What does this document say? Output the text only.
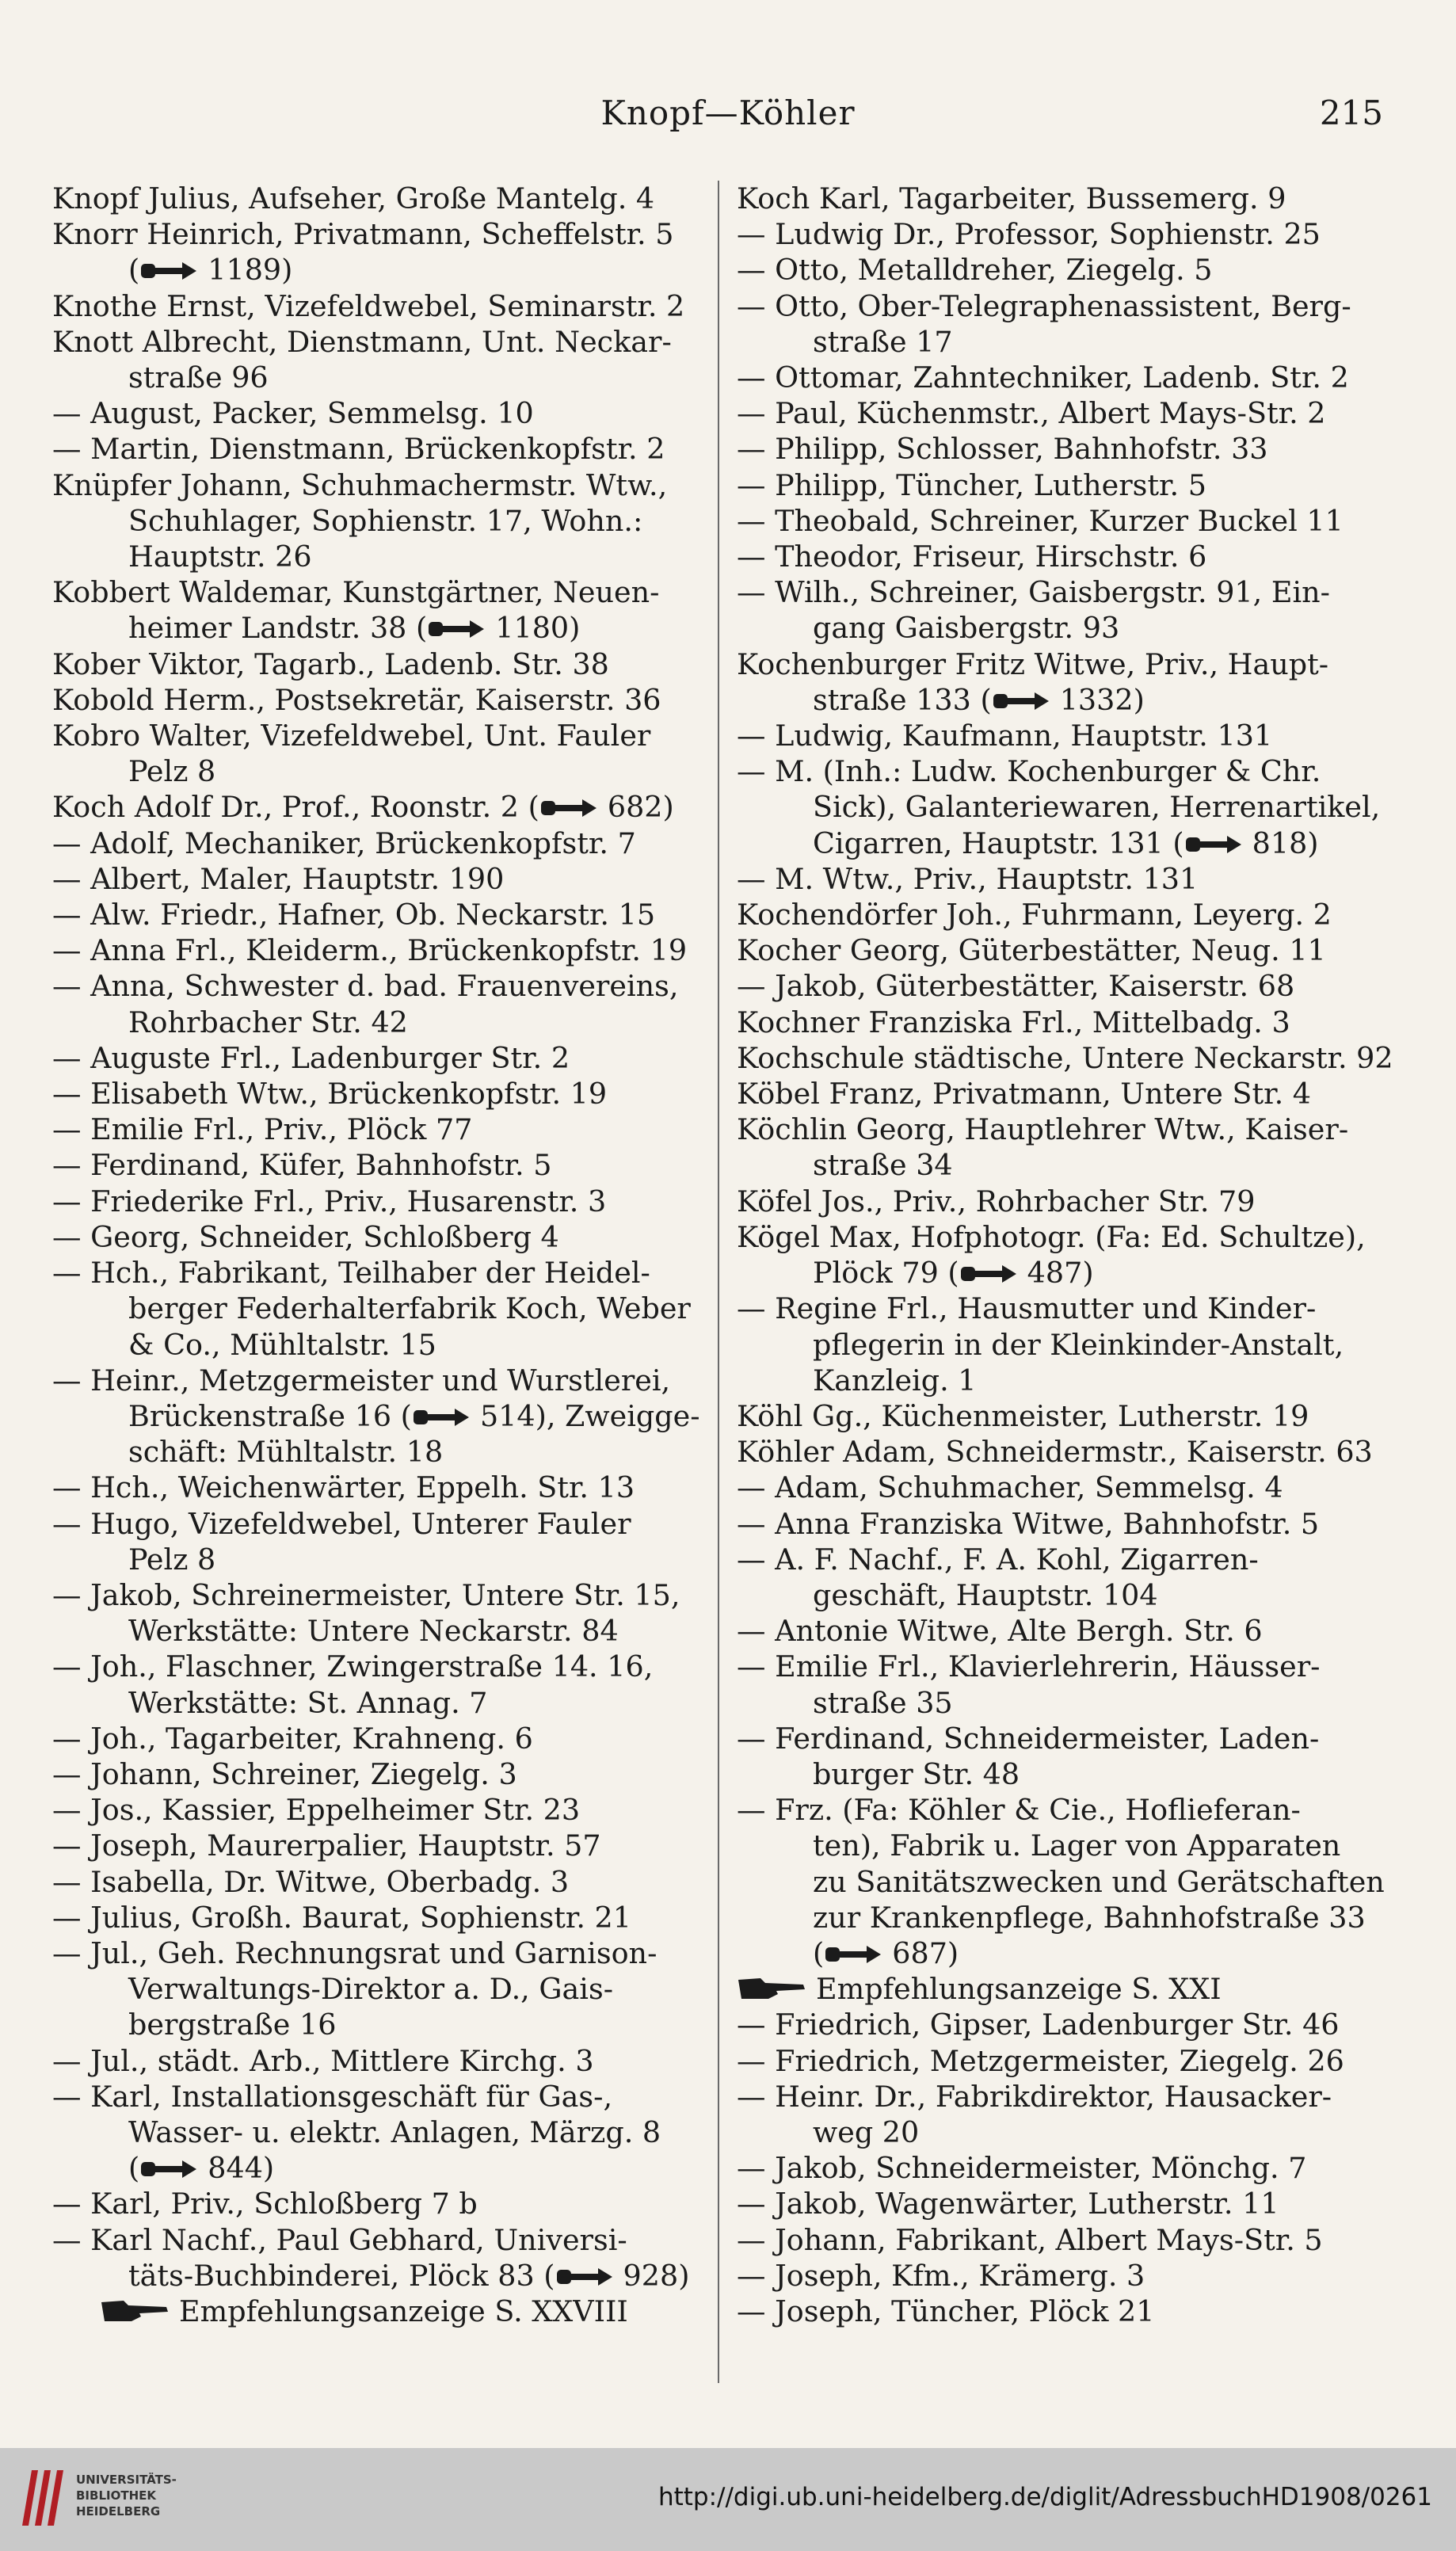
Knopf—Köhler	215
Knopf Julius, Aufseher, Große Mantelg. 4
Knorr Heinrich, Privatmann, Scheffelstr. 5
( 1189)
Knothe Ernst, Vizefeldwebel, Seminarstr. 2
Knott Albrecht, Dienstmann, Unt. Neckar-
straße 96
— August, Packer, Semmelsg. 10
— Martin, Dienstmann, Brückenkopfstr. 2
Knüpfer Johann, Schuhmachermstr. Wtw.,
Schuhlager, Sophienstr. 17, Wohn.:
Hauptstr. 26
Kobbert Waldemar, Kunstgärtner, Neuen-
heimer Landstr. 38 ( 1180)
Kober Viktor, Tagarb., Ladenb. Str. 38
Kobold Herm., Postsekretär, Kaiserstr. 36
Kobro Walter, Vizefeldwebel, Unt. Fauler
Pelz 8
Koch Adolf Dr., Prof., Roonstr. 2 ( 682)
— Adolf, Mechaniker, Brückenkopfstr. 7
— Albert, Maler, Hauptstr. 190
— Alw. Friedr., Hafner, Ob. Neckarstr. 15
— Anna Frl., Kleiderm., Brückenkopfstr. 19
— Anna, Schwester d. bad. Frauenvereins,
Rohrbacher Str. 42
— Auguste Frl., Ladenburger Str. 2
— Elisabeth Wtw., Brückenkopfstr. 19
— Emilie Frl., Priv., Plöck 77
— Ferdinand, Küfer, Bahnhofstr. 5
— Friederike Frl., Priv., Husarenstr. 3
— Georg, Schneider, Schloßberg 4
— Hch., Fabrikant, Teilhaber der Heidel-
berger Federhalterfabrik Koch, Weber
& Co., Mühltalstr. 15
— Heinr., Metzgermeister und Wurstlerei,
Brückenstraße 16 ( 514), Zweigge-
schäft: Mühltalstr. 18
— Hch., Weichenwärter, Eppelh. Str. 13
— Hugo, Vizefeldwebel, Unterer Fauler
Pelz 8
— Jakob, Schreinermeister, Untere Str. 15,
Werkstätte: Untere Neckarstr. 84
— Joh., Flaschner, Zwingerstraße 14. 16,
Werkstätte: St. Annag. 7
— Joh., Tagarbeiter, Krahneng. 6
— Johann, Schreiner, Ziegelg. 3
— Jos., Kassier, Eppelheimer Str. 23
— Joseph, Maurerpalier, Hauptstr. 57
— Isabella, Dr. Witwe, Oberbadg. 3
— Julius, Großh. Baurat, Sophienstr. 21
— Jul., Geh. Rechnungsrat und Garnison-
Verwaltungs-Direktor a. D., Gais-
bergstraße 16
— Jul., städt. Arb., Mittlere Kirchg. 3
— Karl, Installationsgeschäft für Gas-,
Wasser- u. elektr. Anlagen, Märzg. 8
( 844)
— Karl, Priv., Schloßberg 7 b
— Karl Nachf., Paul Gebhard, Universi-
täts-Buchbinderei, Plöck 83 ( 928)
Empfehlungsanzeige S. XXVIII
Koch Karl, Tagarbeiter, Bussemerg. 9
— Ludwig Dr., Professor, Sophienstr. 25
— Otto, Metalldreher, Ziegelg. 5
— Otto, Ober-Telegraphenassistent, Berg-
straße 17
— Ottomar, Zahntechniker, Ladenb. Str. 2
— Paul, Küchenmstr., Albert Mays-Str. 2
— Philipp, Schlosser, Bahnhofstr. 33
— Philipp, Tüncher, Lutherstr. 5
— Theobald, Schreiner, Kurzer Buckel 11
— Theodor, Friseur, Hirschstr. 6
— Wilh., Schreiner, Gaisbergstr. 91, Ein-
gang Gaisbergstr. 93
Kochenburger Fritz Witwe, Priv., Haupt-
straße 133 ( 1332)
— Ludwig, Kaufmann, Hauptstr. 131
— M. (Inh.: Ludw. Kochenburger & Chr.
Sick), Galanteriewaren, Herrenartikel,
Cigarren, Hauptstr. 131 ( 818)
— M. Wtw., Priv., Hauptstr. 131
Kochendörfer Joh., Fuhrmann, Leyerg. 2
Kocher Georg, Güterbestätter, Neug. 11
— Jakob, Güterbestätter, Kaiserstr. 68
Kochner Franziska Frl., Mittelbadg. 3
Kochschule städtische, Untere Neckarstr. 92
Köbel Franz, Privatmann, Untere Str. 4
Köchlin Georg, Hauptlehrer Wtw., Kaiser-
straße 34
Köfel Jos., Priv., Rohrbacher Str. 79
Kögel Max, Hofphotogr. (Fa: Ed. Schultze),
Plöck 79 ( 487)
— Regine Frl., Hausmutter und Kinder-
pflegerin in der Kleinkinder-Anstalt,
Kanzleig. 1
Köhl Gg., Küchenmeister, Lutherstr. 19
Köhler Adam, Schneidermstr., Kaiserstr. 63
— Adam, Schuhmacher, Semmelsg. 4
— Anna Franziska Witwe, Bahnhofstr. 5
— A. F. Nachf., F. A. Kohl, Zigarren-
geschäft, Hauptstr. 104
— Antonie Witwe, Alte Bergh. Str. 6
— Emilie Frl., Klavierlehrerin, Häusser-
straße 35
— Ferdinand, Schneidermeister, Laden-
burger Str. 48
— Frz. (Fa: Köhler & Cie., Hoflieferan-
ten), Fabrik u. Lager von Apparaten
zu Sanitätszwecken und Gerätschaften
zur Krankenpflege, Bahnhofstraße 33
( 687)
Empfehlungsanzeige S. XXI
— Friedrich, Gipser, Ladenburger Str. 46
— Friedrich, Metzgermeister, Ziegelg. 26
— Heinr. Dr., Fabrikdirektor, Hausacker-
weg 20
— Jakob, Schneidermeister, Mönchg. 7
— Jakob, Wagenwärter, Lutherstr. 11
— Johann, Fabrikant, Albert Mays-Str. 5
— Joseph, Kfm., Krämerg. 3
— Joseph, Tüncher, Plöck 21
UNIVERSITÄTS-
BIBLIOTHEK
HEIDELBERG	http://digi.ub.uni-heidelberg.de/diglit/AdressbuchHD1908/0261
